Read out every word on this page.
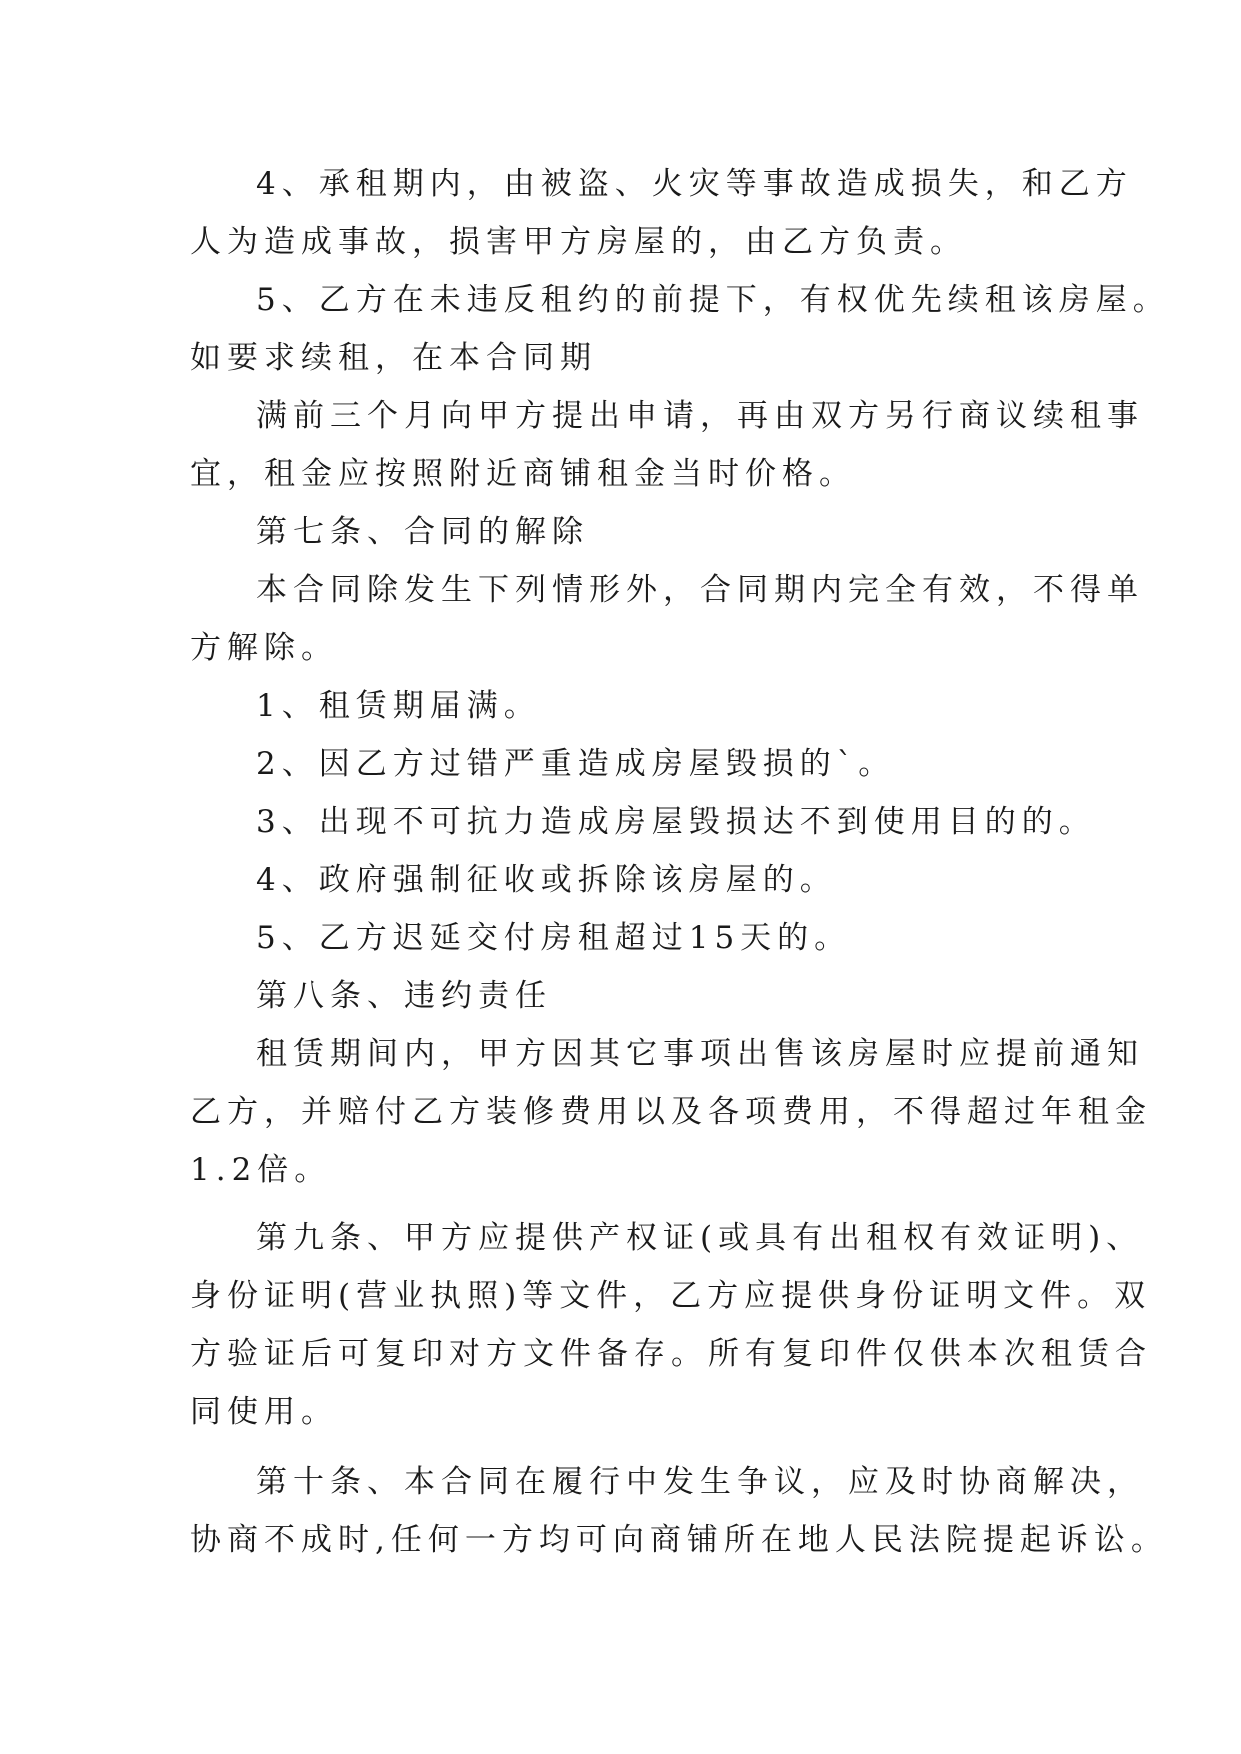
4、承租期内，由被盗、火灾等事故造成损失，和乙方
人为造成事故，损害甲方房屋的，由乙方负责。
5、乙方在未违反租约的前提下，有权优先续租该房屋。
如要求续租，在本合同期
满前三个月向甲方提出申请，再由双方另行商议续租事
宜，租金应按照附近商铺租金当时价格。
第七条、合同的解除
本合同除发生下列情形外，合同期内完全有效，不得单
方解除。
1、租赁期届满。
2、因乙方过错严重造成房屋毁损的`。
3、出现不可抗力造成房屋毁损达不到使用目的的。
4、政府强制征收或拆除该房屋的。
5、乙方迟延交付房租超过15天的。
第八条、违约责任
租赁期间内，甲方因其它事项出售该房屋时应提前通知
乙方，并赔付乙方装修费用以及各项费用，不得超过年租金
1.2倍。
第九条、甲方应提供产权证(或具有出租权有效证明)、
身份证明(营业执照)等文件，乙方应提供身份证明文件。双
方验证后可复印对方文件备存。所有复印件仅供本次租赁合
同使用。
第十条、本合同在履行中发生争议，应及时协商解决，
协商不成时,任何一方均可向商铺所在地人民法院提起诉讼。
